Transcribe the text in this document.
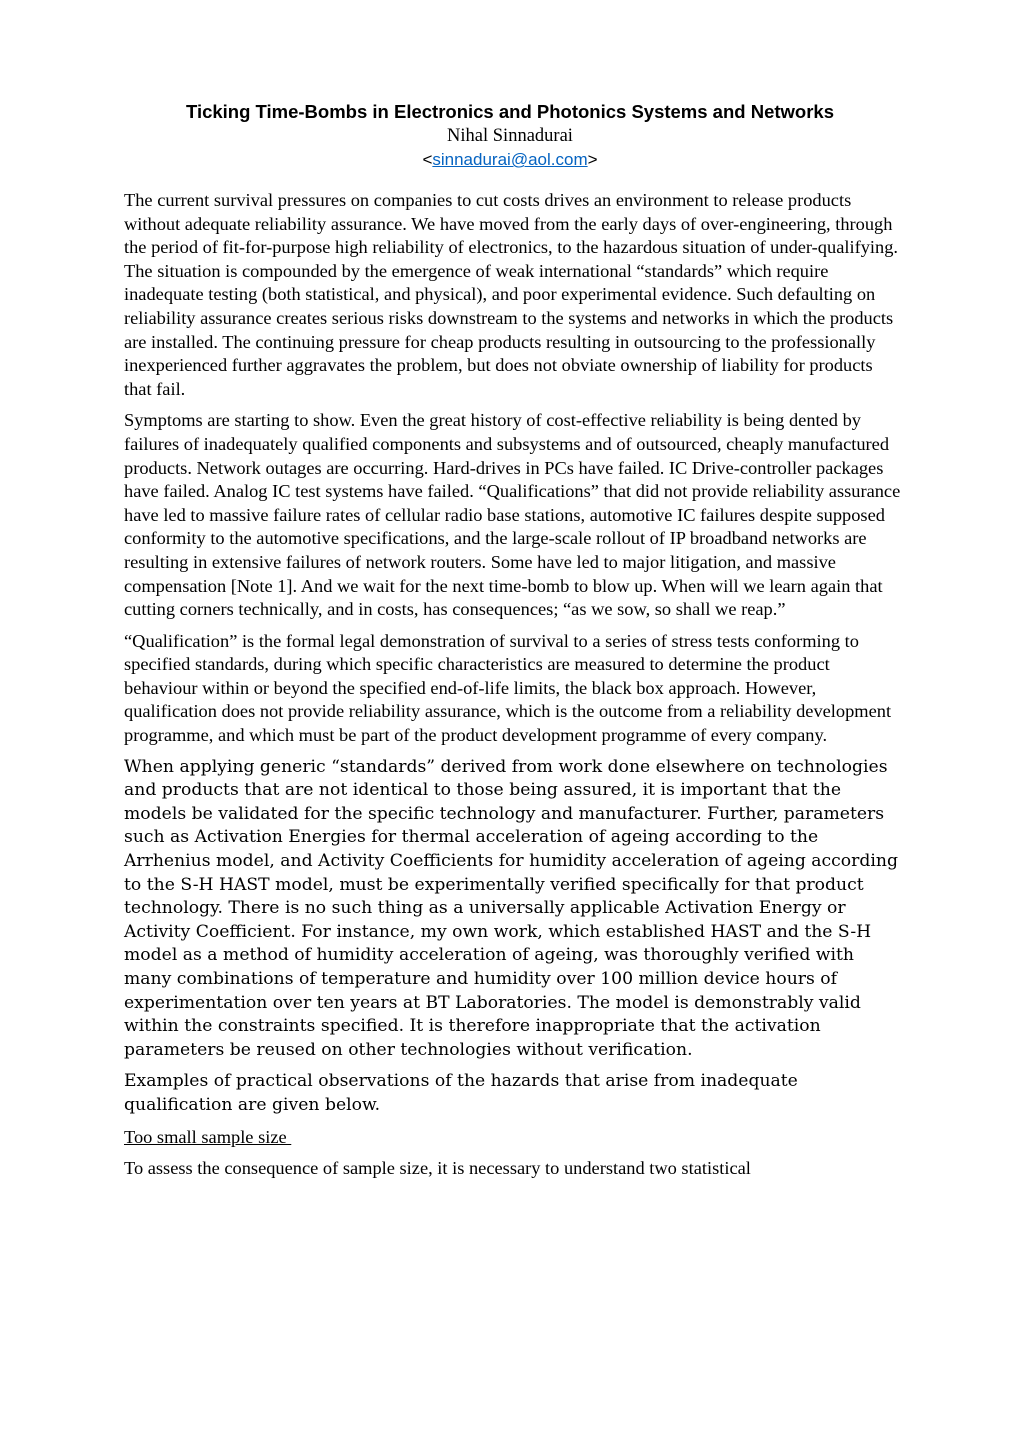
Ticking Time-Bombs in Electronics and Photonics Systems and Networks
Nihal Sinnadurai
<sinnadurai@aol.com>

The current survival pressures on companies to cut costs drives an environment to release products without adequate reliability assurance. We have moved from the early days of over-engineering, through the period of fit-for-purpose high reliability of electronics, to the hazardous situation of under-qualifying. The situation is compounded by the emergence of weak international “standards” which require inadequate testing (both statistical, and physical), and poor experimental evidence. Such defaulting on reliability assurance creates serious risks downstream to the systems and networks in which the products are installed. The continuing pressure for cheap products resulting in outsourcing to the professionally inexperienced further aggravates the problem, but does not obviate ownership of liability for products that fail.

Symptoms are starting to show. Even the great history of cost-effective reliability is being dented by failures of inadequately qualified components and subsystems and of outsourced, cheaply manufactured products. Network outages are occurring. Hard-drives in PCs have failed. IC Drive-controller packages have failed. Analog IC test systems have failed. “Qualifications” that did not provide reliability assurance have led to massive failure rates of cellular radio base stations, automotive IC failures despite supposed conformity to the automotive specifications, and the large-scale rollout of IP broadband networks are resulting in extensive failures of network routers. Some have led to major litigation, and massive compensation [Note 1]. And we wait for the next time-bomb to blow up. When will we learn again that cutting corners technically, and in costs, has consequences; “as we sow, so shall we reap.”

“Qualification” is the formal legal demonstration of survival to a series of stress tests conforming to specified standards, during which specific characteristics are measured to determine the product behaviour within or beyond the specified end-of-life limits, the black box approach. However, qualification does not provide reliability assurance, which is the outcome from a reliability development programme, and which must be part of the product development programme of every company.

When applying generic “standards” derived from work done elsewhere on technologies and products that are not identical to those being assured, it is important that the models be validated for the specific technology and manufacturer. Further, parameters such as Activation Energies for thermal acceleration of ageing according to the Arrhenius model, and Activity Coefficients for humidity acceleration of ageing according to the S-H HAST model, must be experimentally verified specifically for that product technology. There is no such thing as a universally applicable Activation Energy or Activity Coefficient. For instance, my own work, which established HAST and the S-H model as a method of humidity acceleration of ageing, was thoroughly verified with many combinations of temperature and humidity over 100 million device hours of experimentation over ten years at BT Laboratories. The model is demonstrably valid within the constraints specified. It is therefore inappropriate that the activation parameters be reused on other technologies without verification.

Examples of practical observations of the hazards that arise from inadequate qualification are given below.

Too small sample size

To assess the consequence of sample size, it is necessary to understand two statistical
